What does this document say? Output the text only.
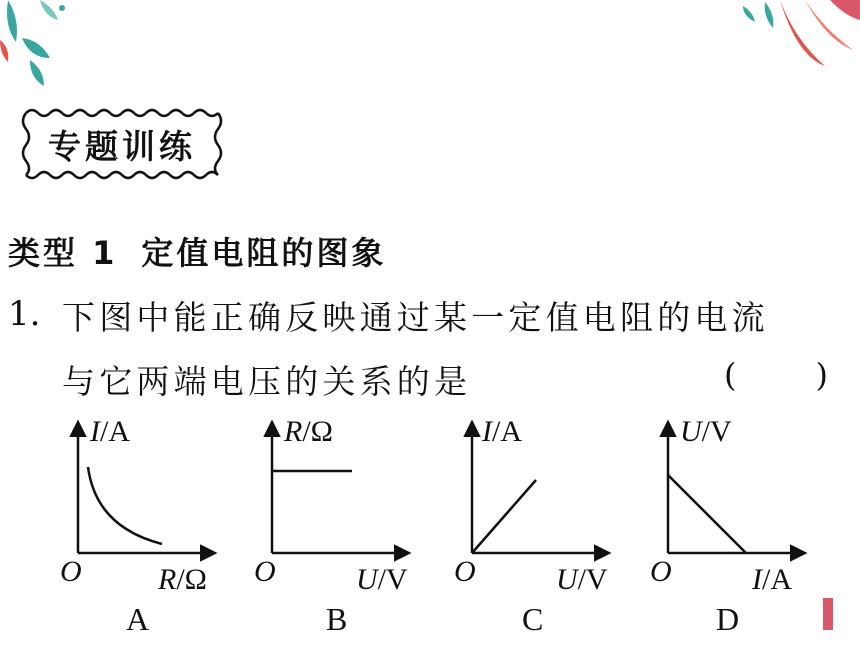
专题训练
类型 1 定值电阻的图象
1. 下图中能正确反映通过某一定值电阻的电流
与它两端电压的关系的是	( )
I/A
O	R/Ω
A
R/Ω
O	U/V
B
I/A
O	U/V
C
U/V
O	I/A
D
